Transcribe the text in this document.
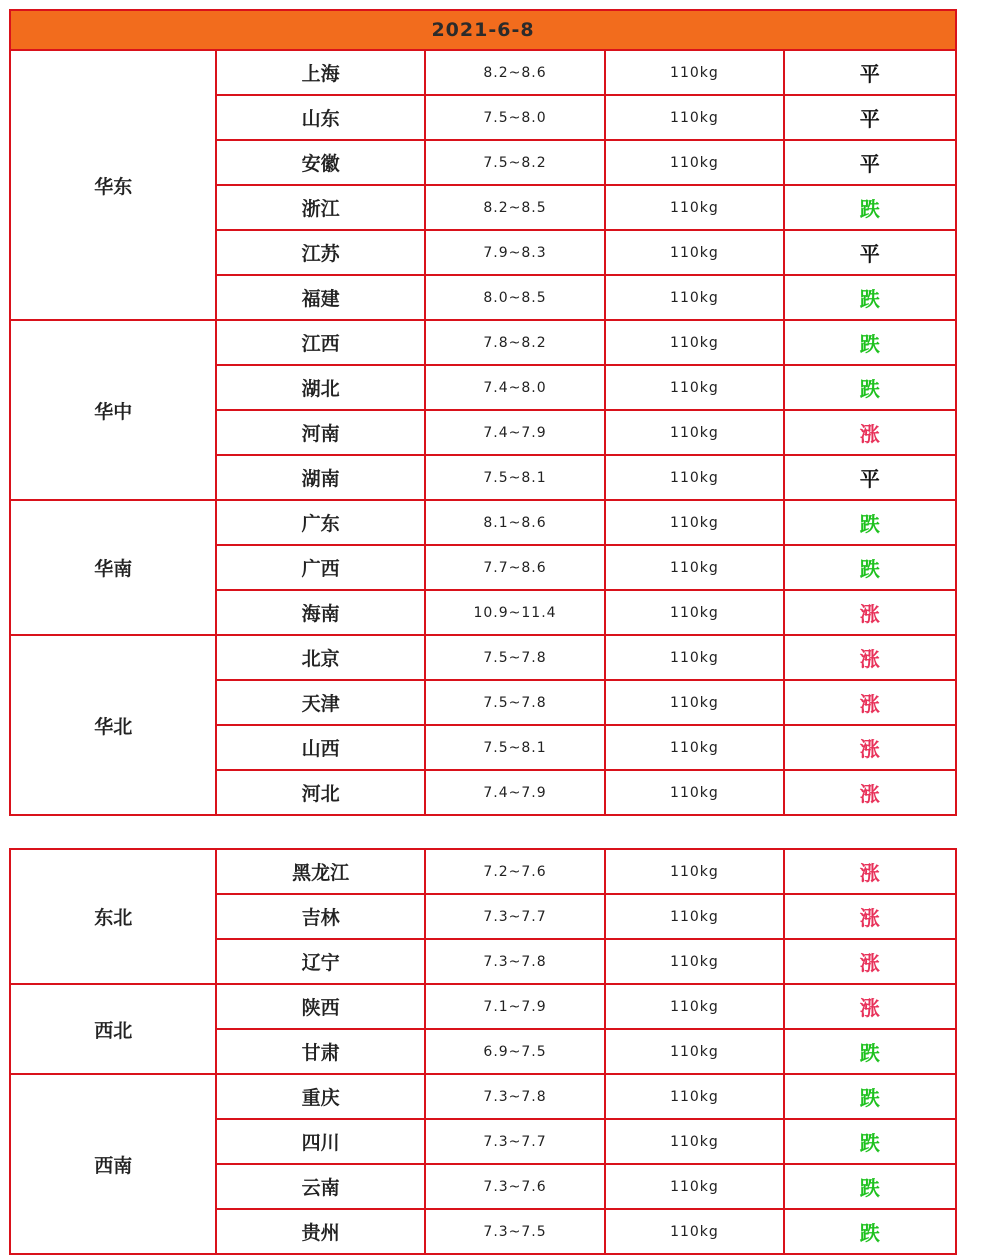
2021-6-8				
华东	上海	8.2~8.6	110kg	平
	山东	7.5~8.0	110kg	平
	安徽	7.5~8.2	110kg	平
	浙江	8.2~8.5	110kg	跌
	江苏	7.9~8.3	110kg	平
	福建	8.0~8.5	110kg	跌
华中	江西	7.8~8.2	110kg	跌
	湖北	7.4~8.0	110kg	跌
	河南	7.4~7.9	110kg	涨
	湖南	7.5~8.1	110kg	平
华南	广东	8.1~8.6	110kg	跌
	广西	7.7~8.6	110kg	跌
	海南	10.9~11.4	110kg	涨
华北	北京	7.5~7.8	110kg	涨
	天津	7.5~7.8	110kg	涨
	山西	7.5~8.1	110kg	涨
	河北	7.4~7.9	110kg	涨
东北	黑龙江	7.2~7.6	110kg	涨
	吉林	7.3~7.7	110kg	涨
	辽宁	7.3~7.8	110kg	涨
西北	陕西	7.1~7.9	110kg	涨
	甘肃	6.9~7.5	110kg	跌
西南	重庆	7.3~7.8	110kg	跌
	四川	7.3~7.7	110kg	跌
	云南	7.3~7.6	110kg	跌
	贵州	7.3~7.5	110kg	跌
